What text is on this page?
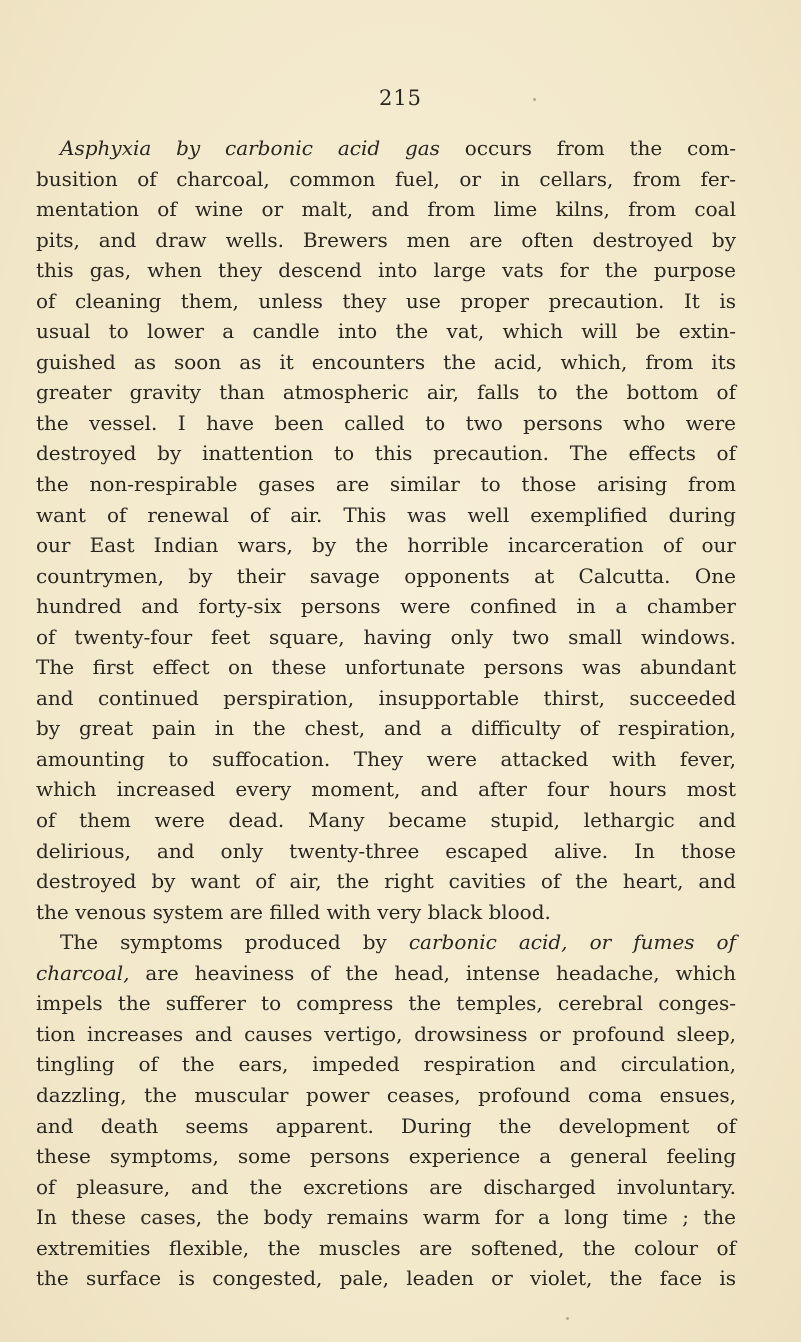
215
Asphyxia by carbonic acid gas occurs from the com-
busition of charcoal, common fuel, or in cellars, from fer-
mentation of wine or malt, and from lime kilns, from coal
pits, and draw wells. Brewers men are often destroyed by
this gas, when they descend into large vats for the purpose
of cleaning them, unless they use proper precaution. It is
usual to lower a candle into the vat, which will be extin-
guished as soon as it encounters the acid, which, from its
greater gravity than atmospheric air, falls to the bottom of
the vessel. I have been called to two persons who were
destroyed by inattention to this precaution. The effects of
the non-respirable gases are similar to those arising from
want of renewal of air. This was well exemplified during
our East Indian wars, by the horrible incarceration of our
countrymen, by their savage opponents at Calcutta. One
hundred and forty-six persons were confined in a chamber
of twenty-four feet square, having only two small windows.
The first effect on these unfortunate persons was abundant
and continued perspiration, insupportable thirst, succeeded
by great pain in the chest, and a difficulty of respiration,
amounting to suffocation. They were attacked with fever,
which increased every moment, and after four hours most
of them were dead. Many became stupid, lethargic and
delirious, and only twenty-three escaped alive. In those
destroyed by want of air, the right cavities of the heart, and
the venous system are filled with very black blood.
The symptoms produced by carbonic acid, or fumes of
charcoal, are heaviness of the head, intense headache, which
impels the sufferer to compress the temples, cerebral conges-
tion increases and causes vertigo, drowsiness or profound sleep,
tingling of the ears, impeded respiration and circulation,
dazzling, the muscular power ceases, profound coma ensues,
and death seems apparent. During the development of
these symptoms, some persons experience a general feeling
of pleasure, and the excretions are discharged involuntary.
In these cases, the body remains warm for a long time ; the
extremities flexible, the muscles are softened, the colour of
the surface is congested, pale, leaden or violet, the face is
